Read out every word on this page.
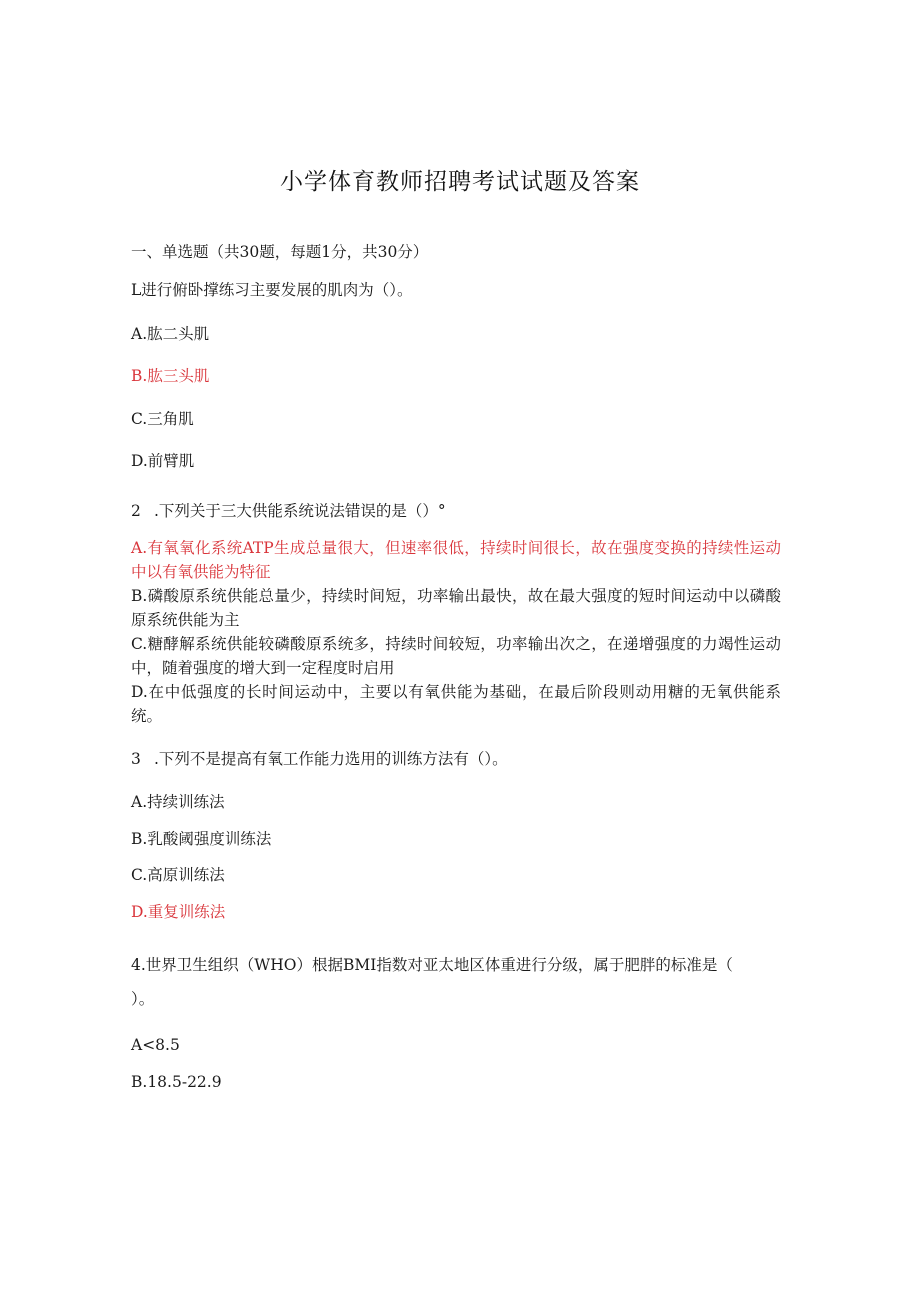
小学体育教师招聘考试试题及答案
一、单选题（共30题，每题1分，共30分）
L进行俯卧撑练习主要发展的肌肉为（）。
A.肱二头肌
B.肱三头肌
C.三角肌
D.前臂肌
2 .下列关于三大供能系统说法错误的是（）°
A.有氧氧化系统ATP生成总量很大，但速率很低，持续时间很长，故在强度变换的持续性运动中以有氧供能为特征
B.磷酸原系统供能总量少，持续时间短，功率输出最快，故在最大强度的短时间运动中以磷酸原系统供能为主
C.糖酵解系统供能较磷酸原系统多，持续时间较短，功率输出次之，在递增强度的力竭性运动中，随着强度的增大到一定程度时启用
D.在中低强度的长时间运动中，主要以有氧供能为基础，在最后阶段则动用糖的无氧供能系统。
3 .下列不是提高有氧工作能力选用的训练方法有（）。
A.持续训练法
B.乳酸阈强度训练法
C.高原训练法
D.重复训练法
4.世界卫生组织（WHO）根据BMI指数对亚太地区体重进行分级，属于肥胖的标准是（
）。
A<8.5
B.18.5-22.9
